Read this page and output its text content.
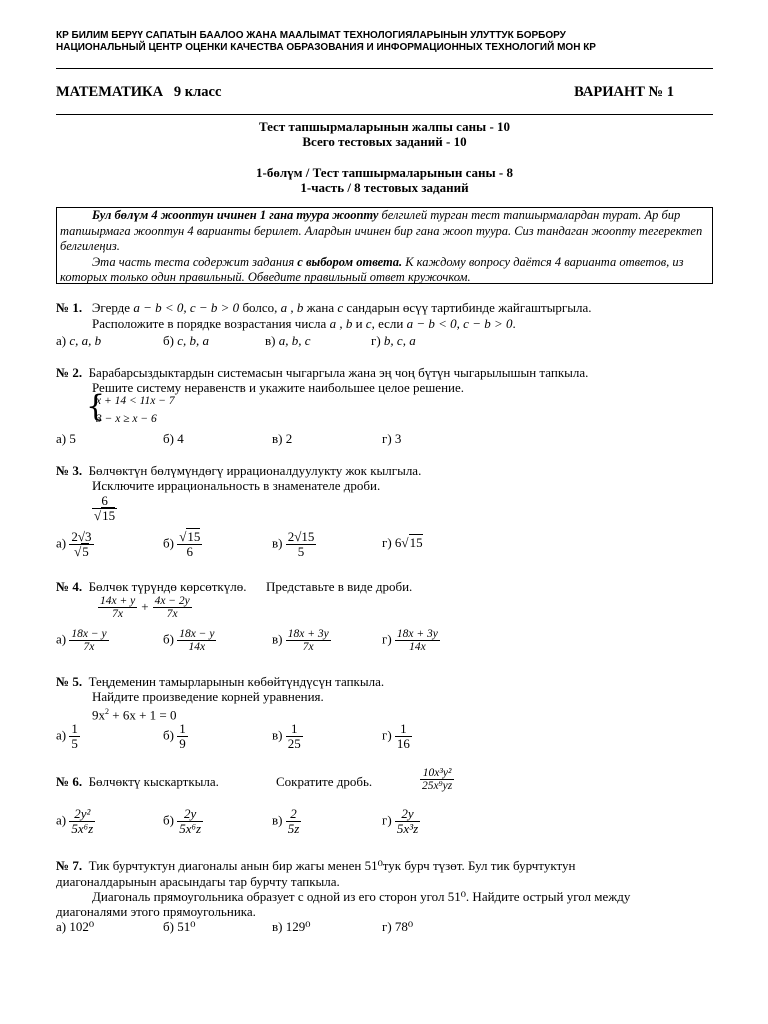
КР БИЛИМ БЕРҮҮ САПАТЫН БААЛОО ЖАНА МААЛЫМАТ ТЕХНОЛОГИЯЛАРЫНЫН УЛУТТУК БОРБОРУ
НАЦИОНАЛЬНЫЙ ЦЕНТР ОЦЕНКИ КАЧЕСТВА ОБРАЗОВАНИЯ И ИНФОРМАЦИОННЫХ ТЕХНОЛОГИЙ МОН КР
МАТЕМАТИКА   9 класс	ВАРИАНТ № 1
Тест тапшырмаларынын жалпы саны - 10
Всего тестовых заданий - 10
1-бөлүм / Тест тапшырмаларынын саны - 8
1-часть / 8 тестовых заданий

Бул бөлүм 4 жооптун ичинен 1 гана туура жоопту белгилей турган тест тапшырмалардан турат. Ар бир тапшырмага жооптун 4 варианты берилет. Алардын ичинен бир гана жооп туура. Сиз тандаган жоопту тегеректеп белгилеңиз.

Эта часть теста содержит задания с выбором ответа. К каждому вопросу даётся 4 варианта ответов, из которых только один правильный. Обведите правильный ответ кружочком.

№ 1. Эгерде a − b < 0, c − b > 0 болсо, a , b жана c сандарын өсүү тартибинде жайгаштыргыла.
Расположите в порядке возрастания числа a , b и c, если a − b < 0, c − b > 0.
а) c, a, b	б) c, b, a	в) a, b, c	г) b, c, a
№ 2. Барабарсыздыктардын системасын чыгаргыла жана эң чоң бүтүн чыгарылышын тапкыла.
Решите систему неравенств и укажите наибольшее целое решение.
{
x + 14 < 11x − 7
3 − x ≥ x − 6
а) 5	б) 4	в) 2	г) 3
№ 3. Бөлчөктүн бөлүмүндөгү иррационалдуулукту жок кылгыла.
Исключите иррациональность в знаменателе дроби.
$\frac{6}{√15}$
$а) \frac{2√3}{√5}$	$б) \frac{√15}{6}$	$в) \frac{2√15}{5}$	г) 6√15
№ 4. Бөлчөк түрүндө көрсөткүлө. Представьте в виде дроби.
$\frac{14x + y}{7x} + \frac{4x - 2y}{7x}$
$а) \frac{18x - y}{7x}$	$б) \frac{18x - y}{14x}$	$в) \frac{18x + 3y}{7x}$	$г) \frac{18x + 3y}{14x}$
№ 5. Теңдеменин тамырларынын көбөйтүндүсүн тапкыла.
Найдите произведение корней уравнения.
$9x^2 + 6x + 1 = 0$
$а) \frac{1}{5}$	$б) \frac{1}{9}$	$в) \frac{1}{25}$	$г) \frac{1}{16}$
№ 6. Бөлчөктү кыскарткыла.	Сократите дробь.	$\frac{\text{10x³y²}}{\text{25x⁹yz}}$
$а) \frac{\text{2y²}}{\text{5x⁶z}}$	$б) \frac{2y}{\text{5x⁶z}}$	$в) \frac{2}{5z}$	$г) \frac{2y}{\text{5x³z}}$
№ 7. Тик бурчтуктун диагоналы анын бир жагы менен 51⁰тук бурч түзөт. Бул тик бурчтуктун
диагоналдарынын арасындагы тар бурчту тапкыла.
Диагональ прямоугольника образует с одной из его сторон угол 51⁰. Найдите острый угол между
диагоналями этого прямоугольника.
а) 102⁰	б) 51⁰	в) 129⁰	г) 78⁰
